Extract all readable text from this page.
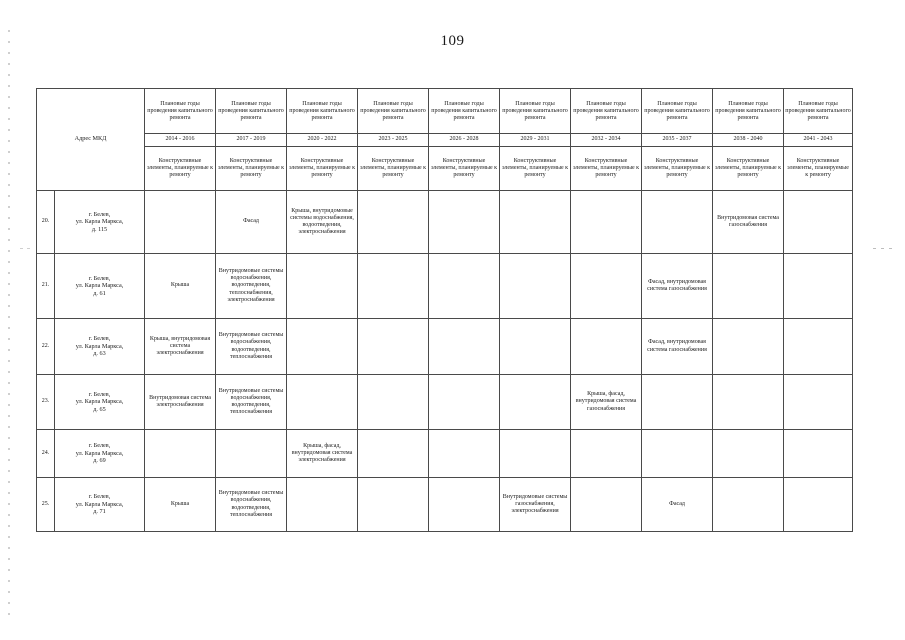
109
Адрес МКД		Плановые годы проведения капитального ремонта	Плановые годы проведения капитального ремонта	Плановые годы проведения капитального ремонта	Плановые годы проведения капитального ремонта	Плановые годы проведения капитального ремонта	Плановые годы проведения капитального ремонта	Плановые годы проведения капитального ремонта	Плановые годы проведения капитального ремонта	Плановые годы проведения капитального ремонта	Плановые годы проведения капитального ремонта
		2014 - 2016	2017 - 2019	2020 - 2022	2023 - 2025	2026 - 2028	2029 - 2031	2032 - 2034	2035 - 2037	2038 - 2040	2041 - 2043
		Конструктивные элементы, планируемые к ремонту	Конструктивные элементы, планируемые к ремонту	Конструктивные элементы, планируемые к ремонту	Конструктивные элементы, планируемые к ремонту	Конструктивные элементы, планируемые к ремонту	Конструктивные элементы, планируемые к ремонту	Конструктивные элементы, планируемые к ремонту	Конструктивные элементы, планируемые к ремонту	Конструктивные элементы, планируемые к ремонту	Конструктивные элементы, планируемые к ремонту
20.	г. Белев,
ул. Карла Маркса,
д. 115		Фасад	Крыша, внутридомовые системы водоснабжения, водоотведения, электроснабжения						Внутридомовая система газоснабжения	
21.	г. Белев,
ул. Карла Маркса,
д. 61	Крыша	Внутридомовые системы водоснабжения, водоотведения, теплоснабжения, электроснабжения						Фасад, внутридомовая система газоснабжения		
22.	г. Белев,
ул. Карла Маркса,
д. 63	Крыша, внутридомовая система электроснабжения	Внутридомовые системы водоснабжения, водоотведения, теплоснабжения						Фасад, внутридомовая система газоснабжения		
23.	г. Белев,
ул. Карла Маркса,
д. 65	Внутридомовая система электроснабжения	Внутридомовые системы водоснабжения, водоотведения, теплоснабжения					Крыша, фасад, внутридомовая система газоснабжения			
24.	г. Белев,
ул. Карла Маркса,
д. 69			Крыша, фасад, внутридомовая система электроснабжения							
25.	г. Белев,
ул. Карла Маркса,
д. 71	Крыша	Внутридомовые системы водоснабжения, водоотведения, теплоснабжения				Внутридомовые системы газоснабжения, электроснабжения		Фасад		
